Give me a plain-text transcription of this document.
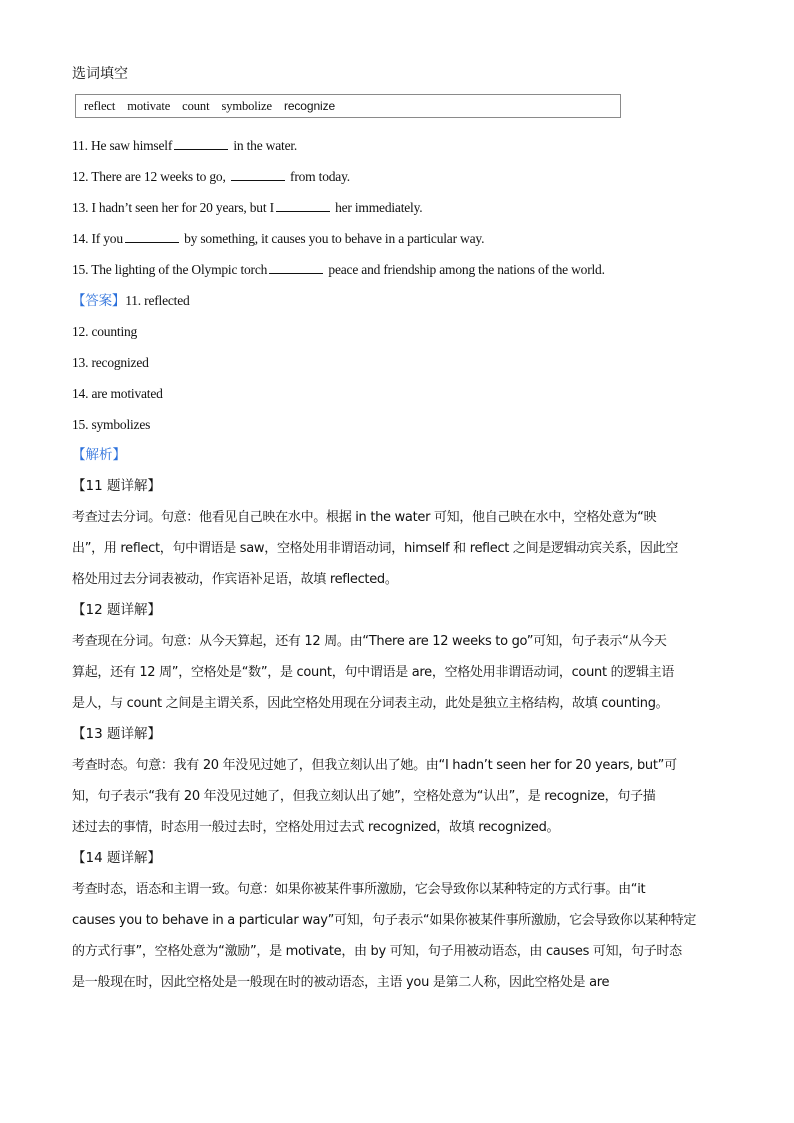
选词填空
reflect motivate count symbolize recognize
11. He saw himself	in the water.
12. There are 12 weeks to go,	from today.
13. I hadn’t seen her for 20 years, but I	her immediately.
14. If you	by something, it causes you to behave in a particular way.
15. The lighting of the Olympic torch	peace and friendship among the nations of the world.
【答案】11. reflected
12. counting
13. recognized
14. are motivated
15. symbolizes
【解析】
【11 题详解】
考查过去分词。句意：他看见自己映在水中。根据 in the water 可知，他自己映在水中，空格处意为“映
出”，用 reflect，句中谓语是 saw，空格处用非谓语动词，himself 和 reflect 之间是逻辑动宾关系，因此空
格处用过去分词表被动，作宾语补足语，故填 reflected。
【12 题详解】
考查现在分词。句意：从今天算起，还有 12 周。由“There are 12 weeks to go”可知，句子表示“从今天
算起，还有 12 周”，空格处是“数”，是 count，句中谓语是 are，空格处用非谓语动词，count 的逻辑主语
是人，与 count 之间是主谓关系，因此空格处用现在分词表主动，此处是独立主格结构，故填 counting。
【13 题详解】
考查时态。句意：我有 20 年没见过她了，但我立刻认出了她。由“I hadn’t seen her for 20 years, but”可
知，句子表示“我有 20 年没见过她了，但我立刻认出了她”，空格处意为“认出”，是 recognize，句子描
述过去的事情，时态用一般过去时，空格处用过去式 recognized，故填 recognized。
【14 题详解】
考查时态，语态和主谓一致。句意：如果你被某件事所激励，它会导致你以某种特定的方式行事。由“it
causes you to behave in a particular way”可知，句子表示“如果你被某件事所激励，它会导致你以某种特定
的方式行事”，空格处意为“激励”，是 motivate，由 by 可知，句子用被动语态，由 causes 可知，句子时态
是一般现在时，因此空格处是一般现在时的被动语态，主语 you 是第二人称，因此空格处是 are
